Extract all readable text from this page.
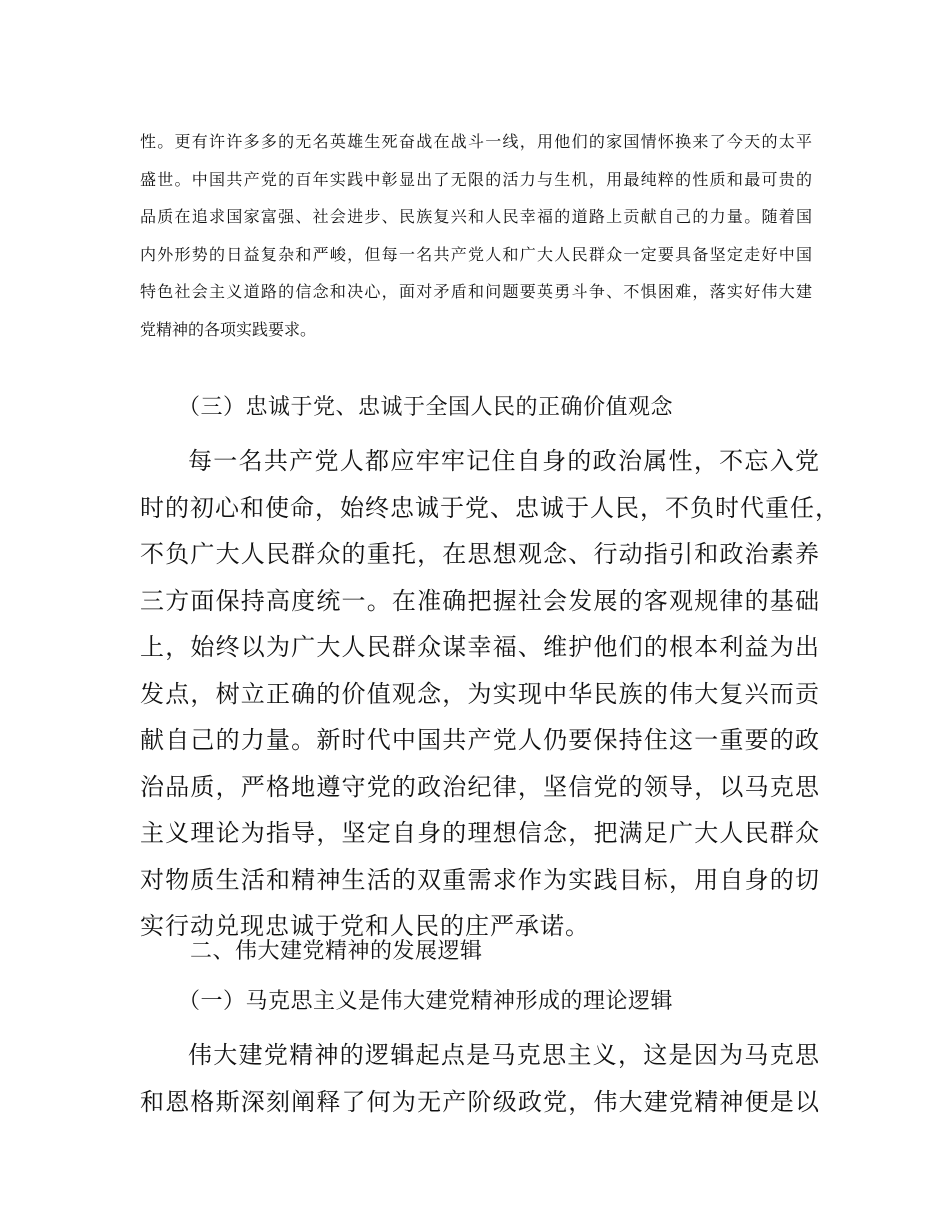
性。更有许许多多的无名英雄生死奋战在战斗一线，用他们的家国情怀换来了今天的太平
盛世。中国共产党的百年实践中彰显出了无限的活力与生机，用最纯粹的性质和最可贵的
品质在追求国家富强、社会进步、民族复兴和人民幸福的道路上贡献自己的力量。随着国
内外形势的日益复杂和严峻，但每一名共产党人和广大人民群众一定要具备坚定走好中国
特色社会主义道路的信念和决心，面对矛盾和问题要英勇斗争、不惧困难，落实好伟大建
党精神的各项实践要求。
（三）忠诚于党、忠诚于全国人民的正确价值观念
每一名共产党人都应牢牢记住自身的政治属性，不忘入党
时的初心和使命，始终忠诚于党、忠诚于人民，不负时代重任，
不负广大人民群众的重托，在思想观念、行动指引和政治素养
三方面保持高度统一。在准确把握社会发展的客观规律的基础
上，始终以为广大人民群众谋幸福、维护他们的根本利益为出
发点，树立正确的价值观念，为实现中华民族的伟大复兴而贡
献自己的力量。新时代中国共产党人仍要保持住这一重要的政
治品质，严格地遵守党的政治纪律，坚信党的领导，以马克思
主义理论为指导，坚定自身的理想信念，把满足广大人民群众
对物质生活和精神生活的双重需求作为实践目标，用自身的切
实行动兑现忠诚于党和人民的庄严承诺。
二、伟大建党精神的发展逻辑
（一）马克思主义是伟大建党精神形成的理论逻辑
伟大建党精神的逻辑起点是马克思主义，这是因为马克思
和恩格斯深刻阐释了何为无产阶级政党，伟大建党精神便是以
